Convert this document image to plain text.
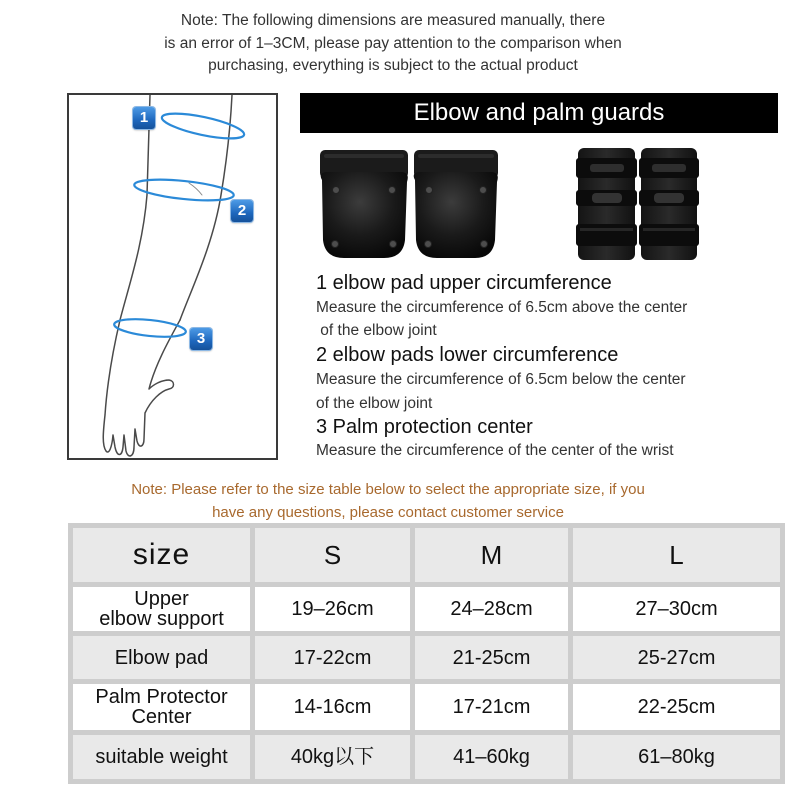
Note: The following dimensions are measured manually, there
is an error of 1–3CM, please pay attention to the comparison when
purchasing, everything is subject to the actual product
1
2
3
Elbow and palm guards
1 elbow pad upper circumference
Measure the circumference of 6.5cm above the center
of the elbow joint
2 elbow pads lower circumference
Measure the circumference of 6.5cm below the center
of the elbow joint
3 Palm protection center
Measure the circumference of the center of the wrist
Note: Please refer to the size table below to select the appropriate size, if you
have any questions, please contact customer service
size	S	M	L
Upper
elbow support	19–26cm	24–28cm	27–30cm
Elbow pad	17-22cm	21-25cm	25-27cm
Palm Protector
Center	14-16cm	17-21cm	22-25cm
suitable weight	40kg以下	41–60kg	61–80kg
